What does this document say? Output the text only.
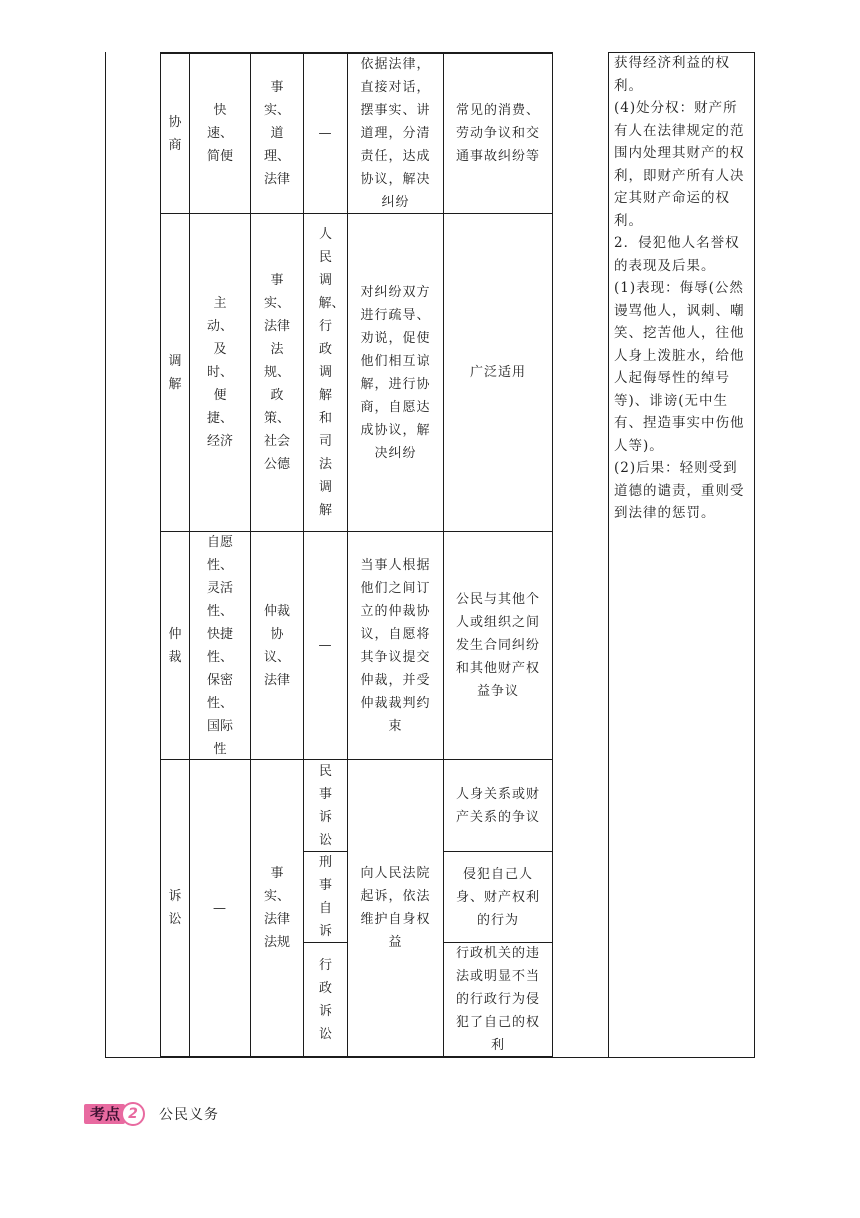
协商
快速、简便
事实、道理、法律
—
依据法律，
直接对话，
摆事实、讲
道理，分清
责任，达成
协议，解决
纠纷
常见的消费、
劳动争议和交
通事故纠纷等
调解
主动、及时、便捷、经济
事实、法律法规、政策、社会公德
人民调解、行政调解和司法调解
对纠纷双方
进行疏导、
劝说，促使
他们相互谅
解，进行协
商，自愿达
成协议，解
决纠纷
广泛适用
仲裁
自愿性、灵活性、快捷性、保密性、国际性
仲裁协议、法律
—
当事人根据
他们之间订
立的仲裁协
议，自愿将
其争议提交
仲裁，并受
仲裁裁判约
束
公民与其他个
人或组织之间
发生合同纠纷
和其他财产权
益争议
诉讼
—
事实、法律法规
民事诉讼
刑事自诉
行政诉讼
向人民法院
起诉，依法
维护自身权
益
人身关系或财
产关系的争议
侵犯自己人
身、财产权利
的行为
行政机关的违
法或明显不当
的行政行为侵
犯了自己的权
利
获得经济利益的权利。
(4)处分权：财产所有人在法律规定的范围内处理其财产的权利，即财产所有人决定其财产命运的权利。
2．侵犯他人名誉权的表现及后果。
(1)表现：侮辱(公然谩骂他人，讽刺、嘲笑、挖苦他人，往他人身上泼脏水，给他人起侮辱性的绰号等)、诽谤(无中生有、捏造事实中伤他人等)。
(2)后果：轻则受到道德的谴责，重则受到法律的惩罚。
考点 2	公民义务
